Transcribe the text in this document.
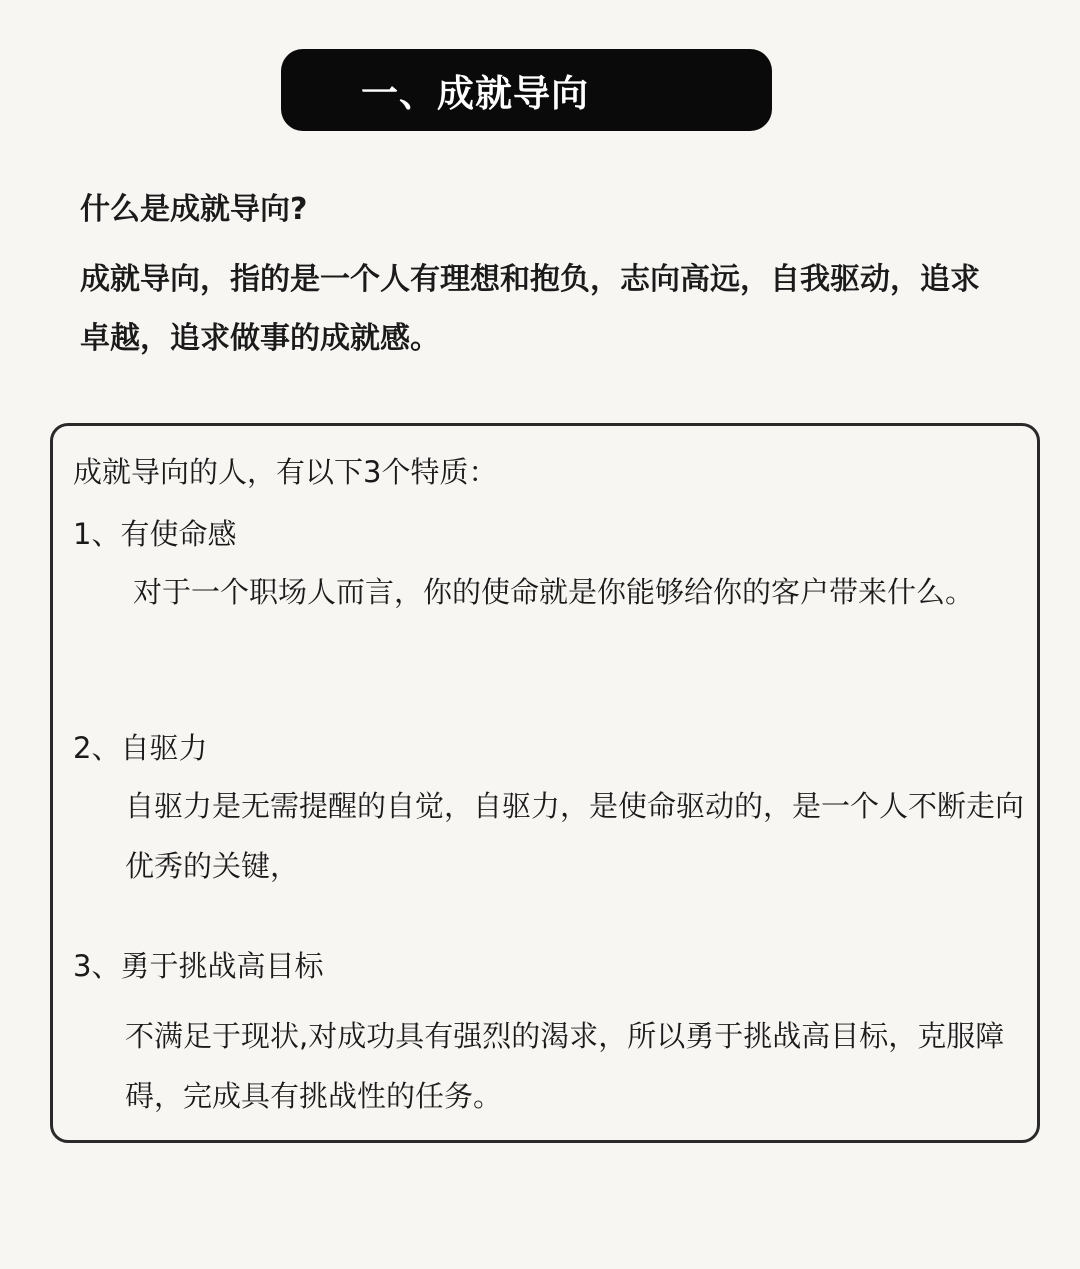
一、成就导向
什么是成就导向?
成就导向，指的是一个人有理想和抱负，志向高远，自我驱动，追求卓越，追求做事的成就感。
成就导向的人，有以下3个特质：
1、有使命感
对于一个职场人而言，你的使命就是你能够给你的客户带来什么。
2、自驱力
自驱力是无需提醒的自觉，自驱力，是使命驱动的，是一个人不断走向优秀的关键，
3、勇于挑战高目标
不满足于现状,对成功具有强烈的渴求，所以勇于挑战高目标，克服障碍，完成具有挑战性的任务。
